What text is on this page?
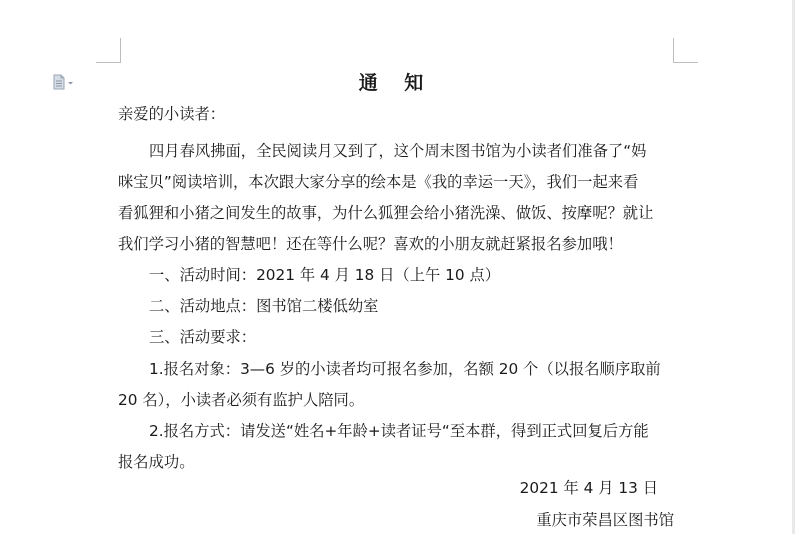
通 知
亲爱的小读者：
四月春风拂面，全民阅读月又到了，这个周末图书馆为小读者们准备了“妈
咪宝贝”阅读培训，本次跟大家分享的绘本是《我的幸运一天》，我们一起来看
看狐狸和小猪之间发生的故事，为什么狐狸会给小猪洗澡、做饭、按摩呢？就让
我们学习小猪的智慧吧！还在等什么呢？喜欢的小朋友就赶紧报名参加哦！
一、活动时间：2021 年 4 月 18 日（上午 10 点）
二、活动地点：图书馆二楼低幼室
三、活动要求：
1.报名对象：3—6 岁的小读者均可报名参加，名额 20 个（以报名顺序取前
20 名），小读者必须有监护人陪同。
2.报名方式：请发送“姓名+年龄+读者证号“至本群，得到正式回复后方能
报名成功。
2021 年 4 月 13 日
重庆市荣昌区图书馆
